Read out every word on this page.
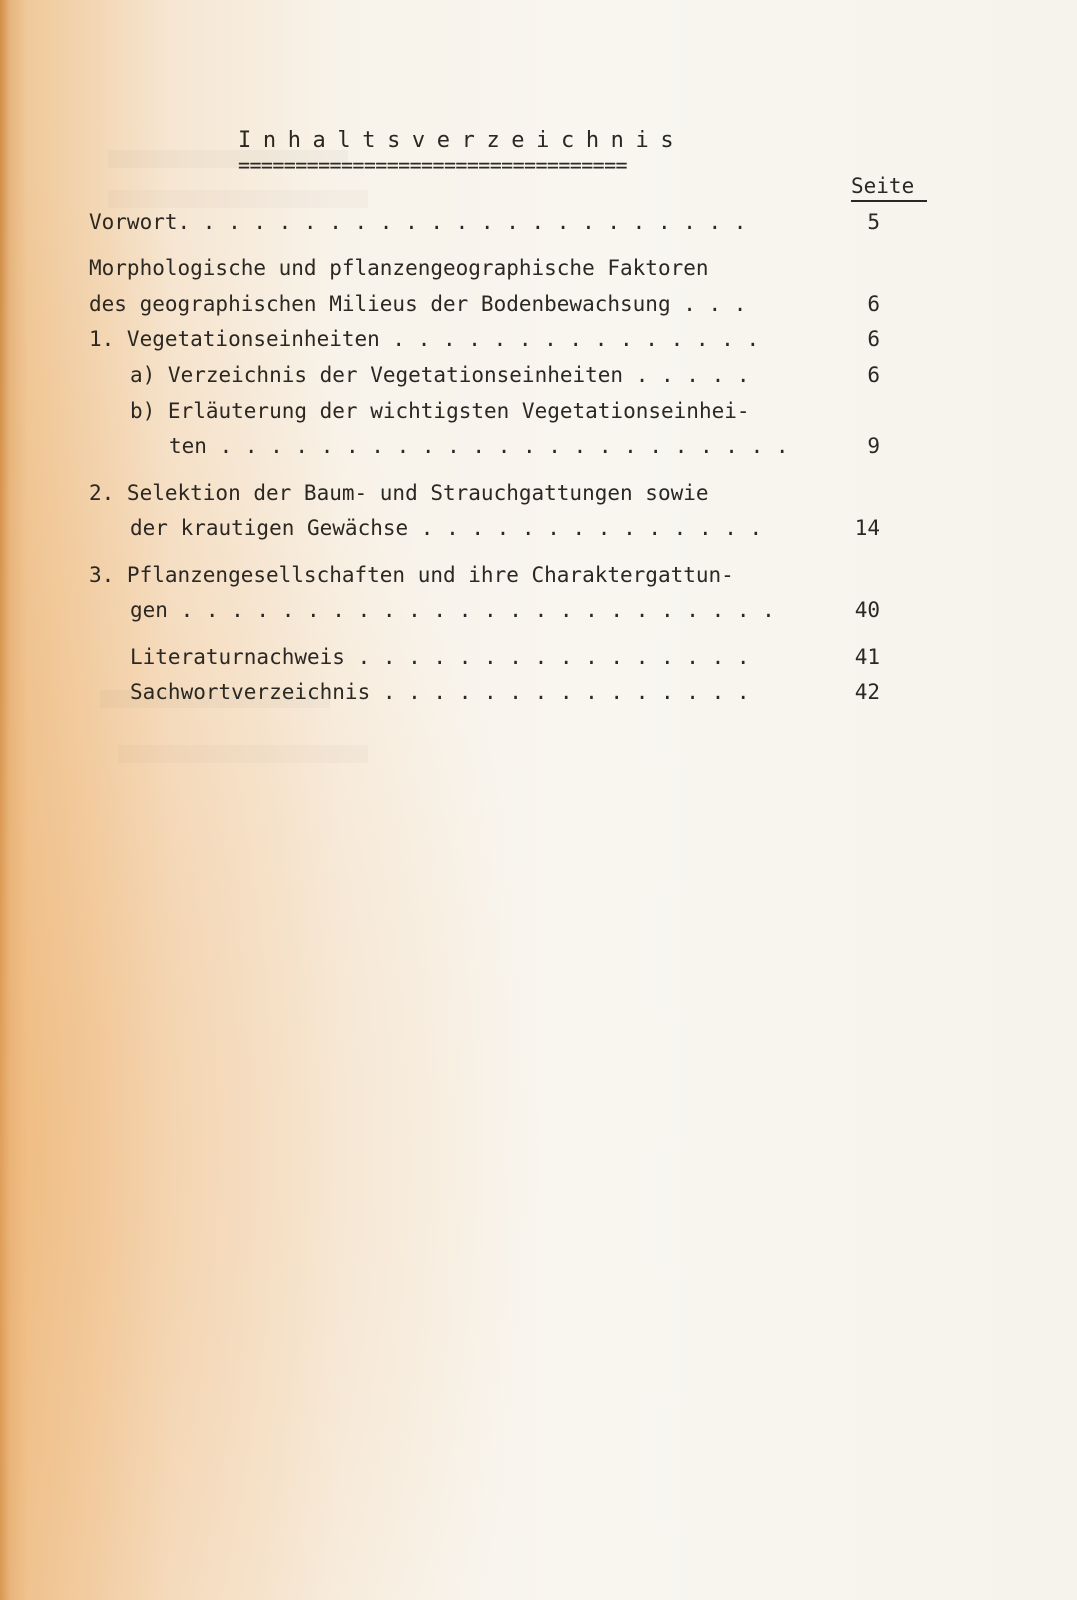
Inhaltsverzeichnis
==================================
Seite
Vorwort. . . . . . . . . . . . . . . . . . . . . . .	5
Morphologische und pflanzengeographische Faktoren
des geographischen Milieus der Bodenbewachsung . . .	6
1. Vegetationseinheiten . . . . . . . . . . . . . . .	6
a) Verzeichnis der Vegetationseinheiten . . . . .	6
b) Erläuterung der wichtigsten Vegetationseinhei-
ten . . . . . . . . . . . . . . . . . . . . . . .	9
2. Selektion der Baum- und Strauchgattungen sowie
der krautigen Gewächse . . . . . . . . . . . . . .	14
3. Pflanzengesellschaften und ihre Charaktergattun-
gen . . . . . . . . . . . . . . . . . . . . . . . .	40
Literaturnachweis . . . . . . . . . . . . . . . .	41
Sachwortverzeichnis . . . . . . . . . . . . . . .	42
